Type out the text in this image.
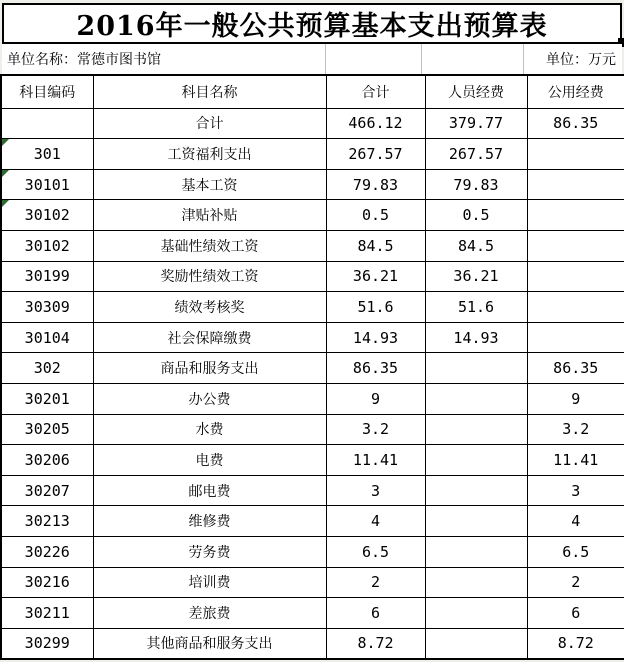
2016年一般公共预算基本支出预算表
单位名称： 常德市图书馆	单位：万元
科目编码	科目名称	合计	人员经费	公用经费
	合计	466.12	379.77	86.35

301	工资福利支出	267.57	267.57	

30101	基本工资	79.83	79.83	

30102	津贴补贴	0.5	0.5	
30102	基础性绩效工资	84.5	84.5	
30199	奖励性绩效工资	36.21	36.21	
30309	绩效考核奖	51.6	51.6	
30104	社会保障缴费	14.93	14.93	
302	商品和服务支出	86.35		86.35
30201	办公费	9		9
30205	水费	3.2		3.2
30206	电费	11.41		11.41
30207	邮电费	3		3
30213	维修费	4		4
30226	劳务费	6.5		6.5
30216	培训费	2		2
30211	差旅费	6		6
30299	其他商品和服务支出	8.72		8.72
